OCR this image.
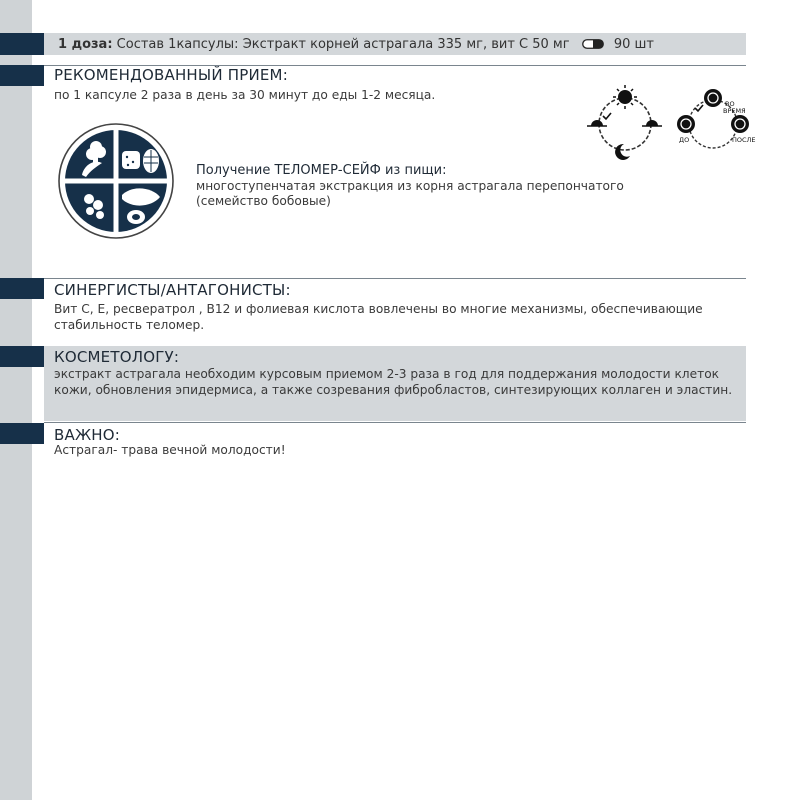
1 доза: Состав 1капсулы: Экстракт корней астрагала 335 мг, вит С 50 мг	90 шт
РЕКОМЕНДОВАННЫЙ ПРИЕМ:
по 1 капсуле 2 раза в день за 30 минут до еды 1-2 месяца.
ВО
ВРЕМЯ
ДО	ПОСЛЕ
Получение ТЕЛОМЕР-СЕЙФ из пищи:
многоступенчатая экстракция из корня астрагала перепончатого (семейство бобовые)
СИНЕРГИСТЫ/АНТАГОНИСТЫ:
Вит С, Е, ресвератрол , В12 и фолиевая кислота вовлечены во многие механизмы, обеспечивающие стабильность теломер.
КОСМЕТОЛОГУ:
экстракт астрагала необходим курсовым приемом 2-3 раза в год для поддержания молодости клеток кожи, обновления эпидермиса, а также созревания фибробластов, синтезирующих коллаген и эластин.
ВАЖНО:
Астрагал- трава вечной молодости!
